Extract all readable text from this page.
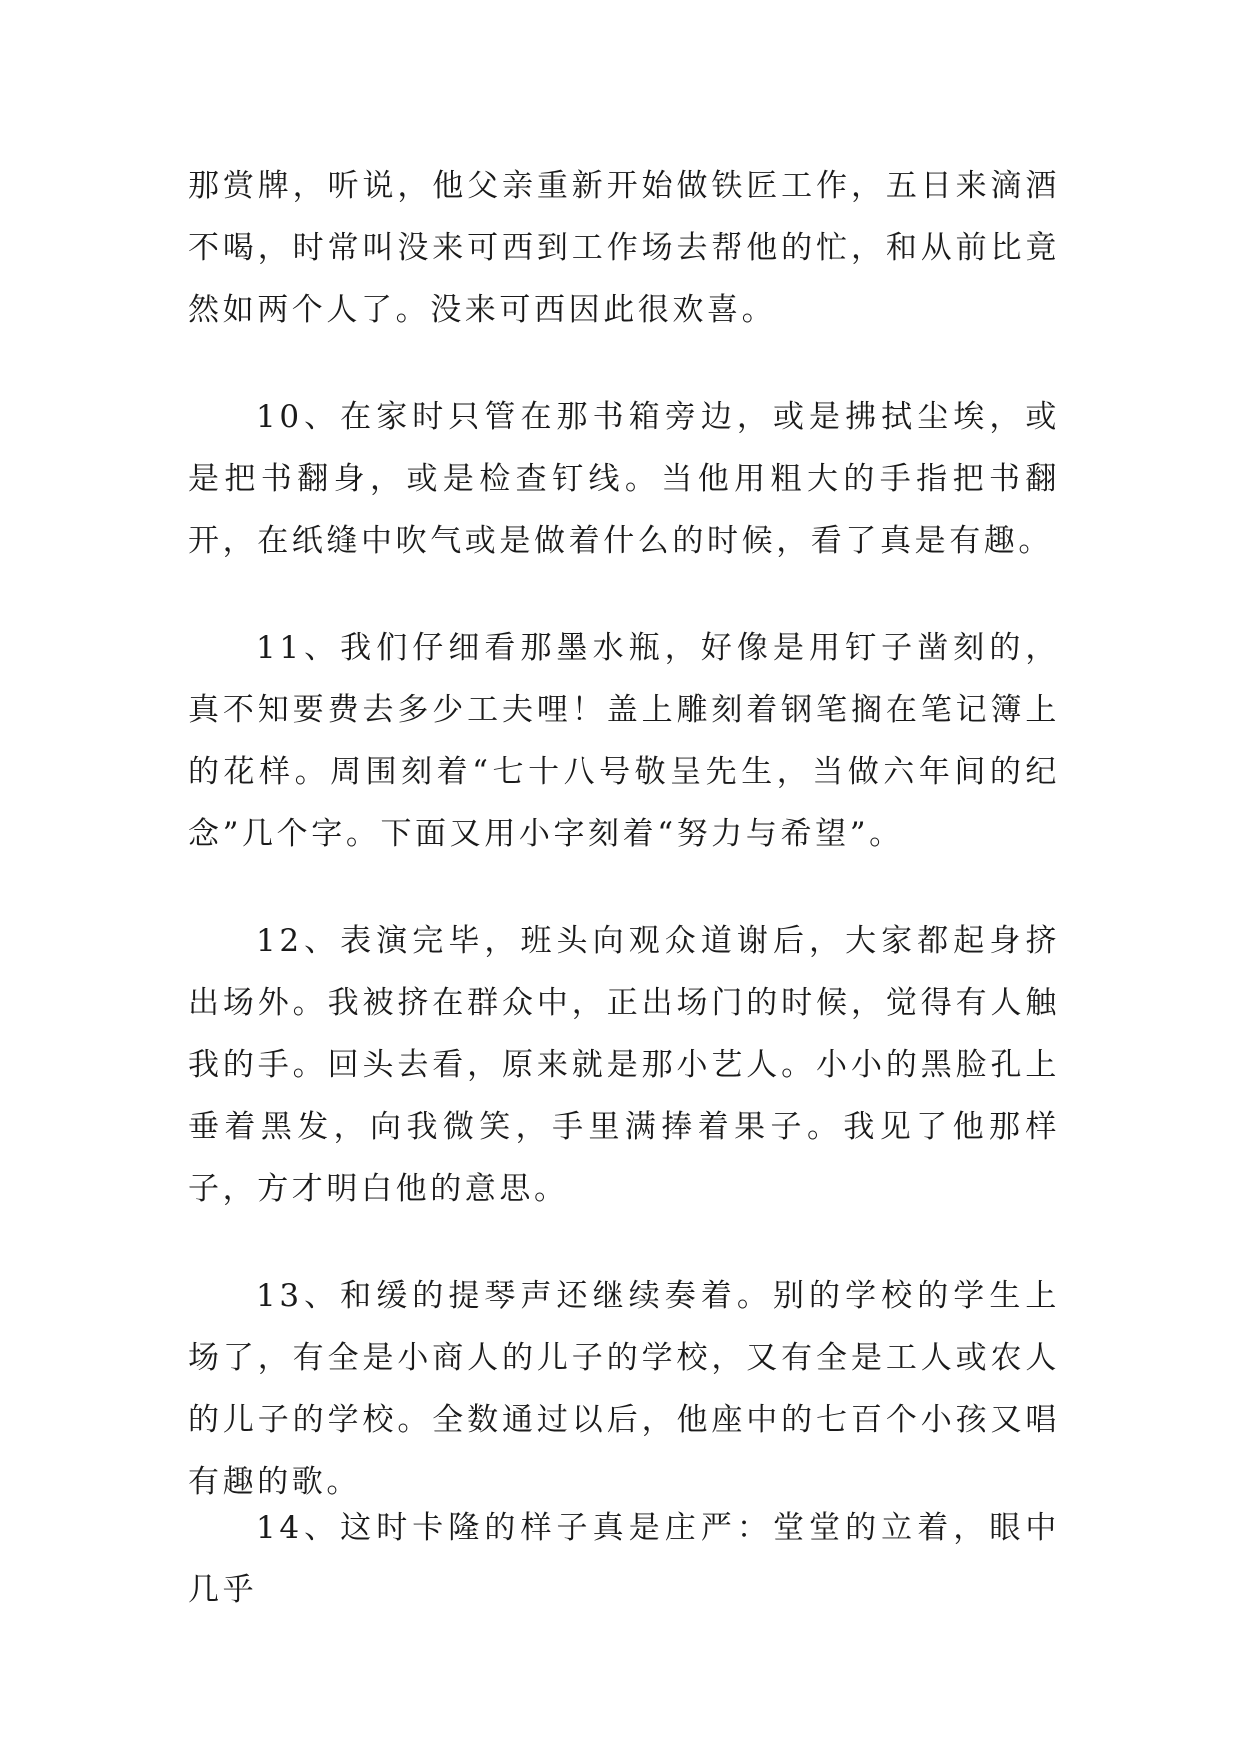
那赏牌，听说，他父亲重新开始做铁匠工作，五日来滴酒不喝，时常叫没来可西到工作场去帮他的忙，和从前比竟然如两个人了。没来可西因此很欢喜。

10、在家时只管在那书箱旁边，或是拂拭尘埃，或是把书翻身，或是检查钉线。当他用粗大的手指把书翻开，在纸缝中吹气或是做着什么的时候，看了真是有趣。

11、我们仔细看那墨水瓶，好像是用钉子凿刻的，真不知要费去多少工夫哩！盖上雕刻着钢笔搁在笔记簿上的花样。周围刻着“七十八号敬呈先生，当做六年间的纪念”几个字。下面又用小字刻着“努力与希望”。

12、表演完毕，班头向观众道谢后，大家都起身挤出场外。我被挤在群众中，正出场门的时候，觉得有人触我的手。回头去看，原来就是那小艺人。小小的黑脸孔上垂着黑发，向我微笑，手里满捧着果子。我见了他那样子，方才明白他的意思。

13、和缓的提琴声还继续奏着。别的学校的学生上场了，有全是小商人的儿子的学校，又有全是工人或农人的儿子的学校。全数通过以后，他座中的七百个小孩又唱有趣的歌。

14、这时卡隆的样子真是庄严：堂堂的立着，眼中几乎
